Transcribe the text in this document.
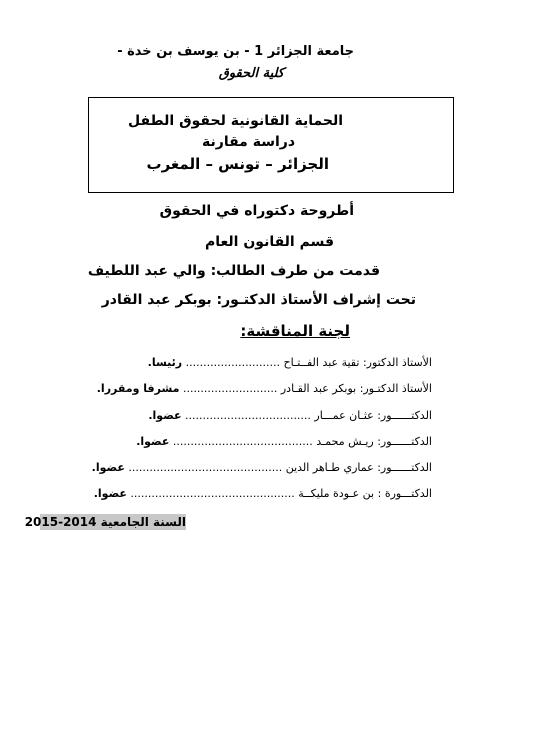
جامعة الجزائر 1 - بن يوسف بن خدة -
كلية الحقوق
الحماية القانونية لحقوق الطفل
دراسة مقارنة
الجزائر – تونس – المغرب
أطروحة دكتوراه في الحقوق
قسم القانون العام
قدمت من طرف الطالب: والي عبد اللطيف
تحت إشراف الأستاذ الدكتـور: بوبكر عبد القادر
لجنة المناقشة:
الأستاذ الدكتور: تقية عبد الفــتـاح ........................... رئيسا.
الأستاذ الدكتـور: بوبكر عبد القـادر ........................... مشرفا ومقررا.
الدكتــــــور: عثـان عمـــار .................................... عضوا.
الدكتــــــور: ريـش محمـد ........................................ عضوا.
الدكتــــــور: عماري طـاهر الدين ............................................ عضوا.
الدكتـــورة : بن عـودة مليكــة ............................................... عضوا.
السنة الجامعية 2014-2015
